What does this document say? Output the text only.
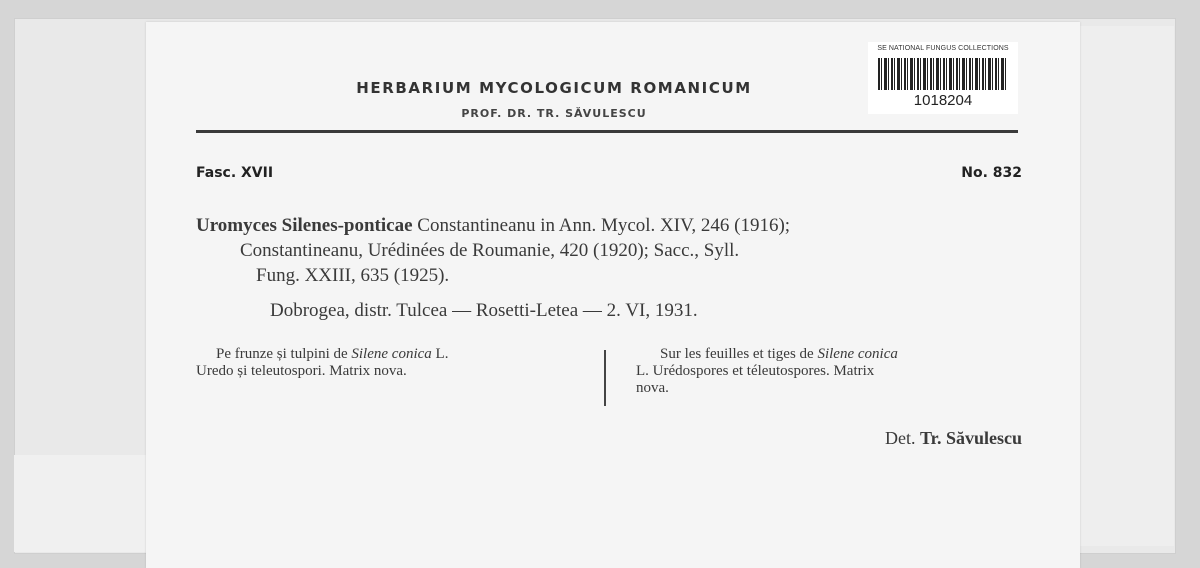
SE NATIONAL FUNGUS COLLECTIONS
1018204
HERBARIUM MYCOLOGICUM ROMANICUM
PROF. DR. TR. SĂVULESCU
Fasc. XVII	No. 832
Uromyces Silenes-ponticae Constantineanu in Ann. Mycol. XIV, 246 (1916);
Constantineanu, Urédinées de Roumanie, 420 (1920); Sacc., Syll.
Fung. XXIII, 635 (1925).
Dobrogea, distr. Tulcea — Rosetti-Letea — 2. VI, 1931.
Pe frunze și tulpini de Silene conica L.
Uredo și teleutospori. Matrix nova.
Sur les feuilles et tiges de Silene conica
L. Urédospores et téleutospores. Matrix
nova.
Det. Tr. Săvulescu
